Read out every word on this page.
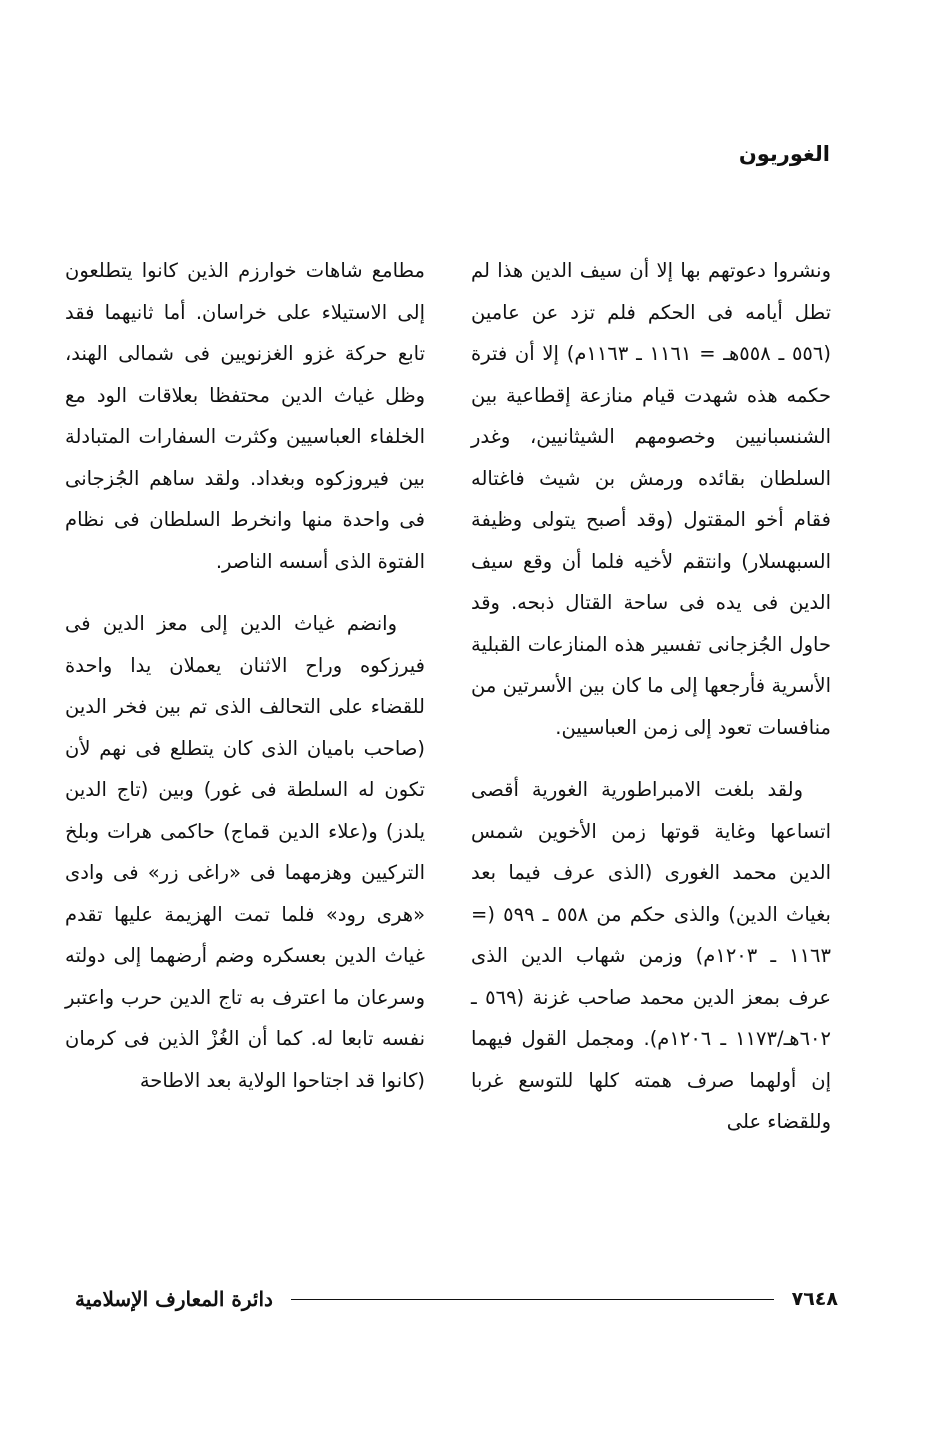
الغوريون

ونشروا دعوتهم بها إلا أن سيف الدين هذا لم تطل أيامه فى الحكم فلم تزد عن عامين (٥٥٦ ـ ٥٥٨هـ = ١١٦١ ـ ١١٦٣م) إلا أن فترة حكمه هذه شهدت قيام منازعة إقطاعية بين الشنسبانيين وخصومهم الشيثانيين، وغدر السلطان بقائده ورمش بن شيث فاغتاله فقام أخو المقتول (وقد أصبح يتولى وظيفة السبهسلار) وانتقم لأخيه فلما أن وقع سيف الدين فى يده فى ساحة القتال ذبحه. وقد حاول الجُزجانى تفسير هذه المنازعات القبلية الأسرية فأرجعها إلى ما كان بين الأسرتين من منافسات تعود إلى زمن العباسيين.

ولقد بلغت الامبراطورية الغورية أقصى اتساعها وغاية قوتها زمن الأخوين شمس الدين محمد الغورى (الذى عرف فيما بعد بغياث الدين) والذى حكم من ٥٥٨ ـ ٥٩٩ (= ١١٦٣ ـ ١٢٠٣م) وزمن شهاب الدين الذى عرف بمعز الدين محمد صاحب غزنة (٥٦٩ ـ ٦٠٢هـ/١١٧٣ ـ ١٢٠٦م). ومجمل القول فيهما إن أولهما صرف همته كلها للتوسع غربا وللقضاء على

مطامع شاهات خوارزم الذين كانوا يتطلعون إلى الاستيلاء على خراسان. أما ثانيهما فقد تابع حركة غزو الغزنويين فى شمالى الهند، وظل غياث الدين محتفظا بعلاقات الود مع الخلفاء العباسيين وكثرت السفارات المتبادلة بين فيروزكوه وبغداد. ولقد ساهم الجُزجانى فى واحدة منها وانخرط السلطان فى نظام الفتوة الذى أسسه الناصر.

وانضم غياث الدين إلى معز الدين فى فيرزكوه وراح الاثنان يعملان يدا واحدة للقضاء على التحالف الذى تم بين فخر الدين (صاحب باميان الذى كان يتطلع فى نهم لأن تكون له السلطة فى غور) وبين (تاج الدين يلدز) و(علاء الدين قماج) حاكمى هرات وبلخ التركيين وهزمهما فى «راغى زر» فى وادى «هرى رود» فلما تمت الهزيمة عليها تقدم غياث الدين بعسكره وضم أرضهما إلى دولته وسرعان ما اعترف به تاج الدين حرب واعتبر نفسه تابعا له. كما أن الغُزْ الذين فى كرمان (كانوا قد اجتاحوا الولاية بعد الاطاحة

٧٦٤٨
دائرة المعارف الإسلامية
